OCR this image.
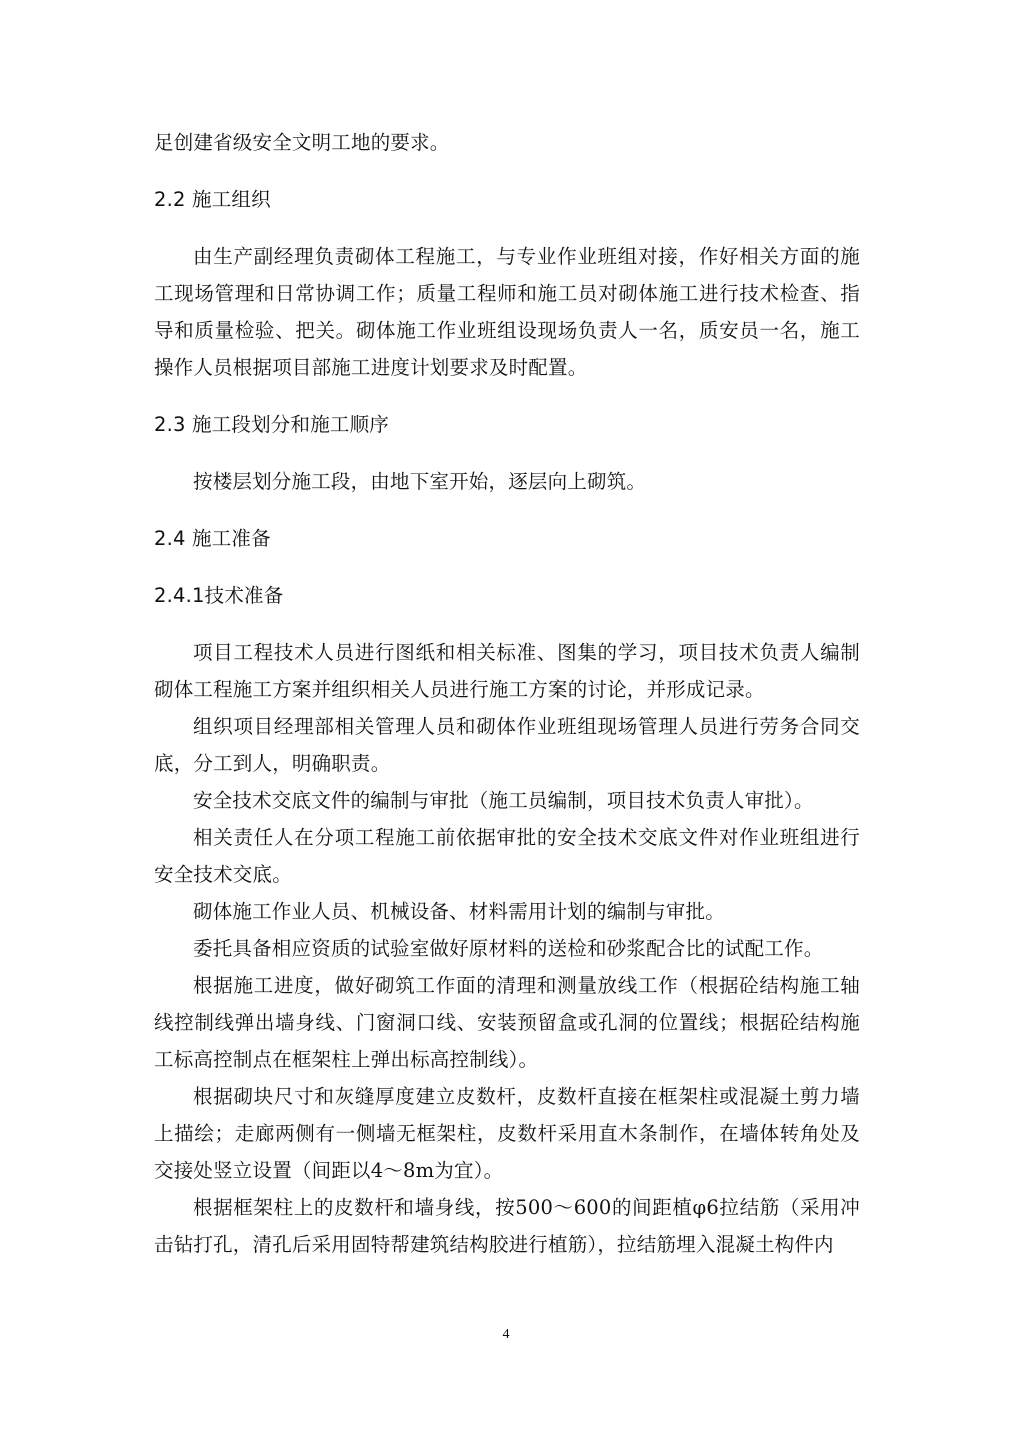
足创建省级安全文明工地的要求。

2.2 施工组织

由生产副经理负责砌体工程施工，与专业作业班组对接，作好相关方面的施工现场管理和日常协调工作；质量工程师和施工员对砌体施工进行技术检查、指导和质量检验、把关。砌体施工作业班组设现场负责人一名，质安员一名，施工操作人员根据项目部施工进度计划要求及时配置。

2.3 施工段划分和施工顺序

按楼层划分施工段，由地下室开始，逐层向上砌筑。

2.4 施工准备
2.4.1技术准备

项目工程技术人员进行图纸和相关标准、图集的学习，项目技术负责人编制砌体工程施工方案并组织相关人员进行施工方案的讨论，并形成记录。

组织项目经理部相关管理人员和砌体作业班组现场管理人员进行劳务合同交底，分工到人，明确职责。

安全技术交底文件的编制与审批（施工员编制，项目技术负责人审批）。

相关责任人在分项工程施工前依据审批的安全技术交底文件对作业班组进行安全技术交底。

砌体施工作业人员、机械设备、材料需用计划的编制与审批。

委托具备相应资质的试验室做好原材料的送检和砂浆配合比的试配工作。

根据施工进度，做好砌筑工作面的清理和测量放线工作（根据砼结构施工轴线控制线弹出墙身线、门窗洞口线、安装预留盒或孔洞的位置线；根据砼结构施工标高控制点在框架柱上弹出标高控制线）。

根据砌块尺寸和灰缝厚度建立皮数杆，皮数杆直接在框架柱或混凝土剪力墙上描绘；走廊两侧有一侧墙无框架柱，皮数杆采用直木条制作，在墙体转角处及交接处竖立设置（间距以4～8m为宜）。

根据框架柱上的皮数杆和墙身线，按500～600的间距植φ6拉结筋（采用冲击钻打孔，清孔后采用固特帮建筑结构胶进行植筋），拉结筋埋入混凝土构件内

4
